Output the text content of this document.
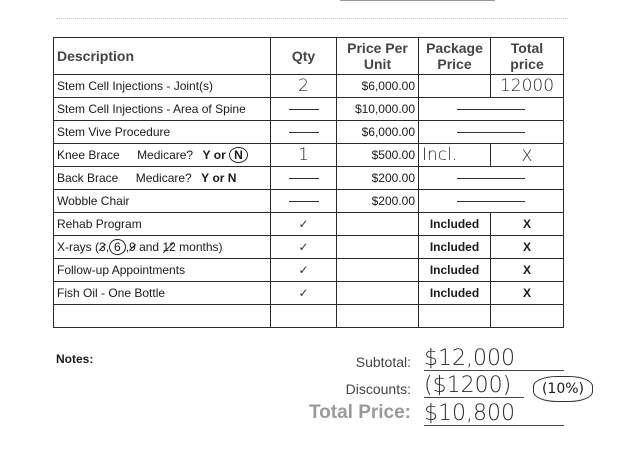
Description	Qty	Price Per Unit	Package Price	Total price
Stem Cell Injections - Joint(s)	2	$6,000.00		12000
Stem Cell Injections - Area of Spine		$10,000.00		
Stem Vive Procedure		$6,000.00		
Knee Brace Medicare? Y or N	1	$500.00	Incl.	X
Back Brace Medicare? Y or N		$200.00		
Wobble Chair		$200.00		
Rehab Program	✓		Included	X
X-rays (3, 6 ,9 and 12 months)	✓		Included	X
Follow-up Appointments	✓		Included	X
Fish Oil - One Bottle	✓		Included	X

Notes:	Subtotal: $12,000
Discounts: ($1200)	(10%)
Total Price: $10,800
